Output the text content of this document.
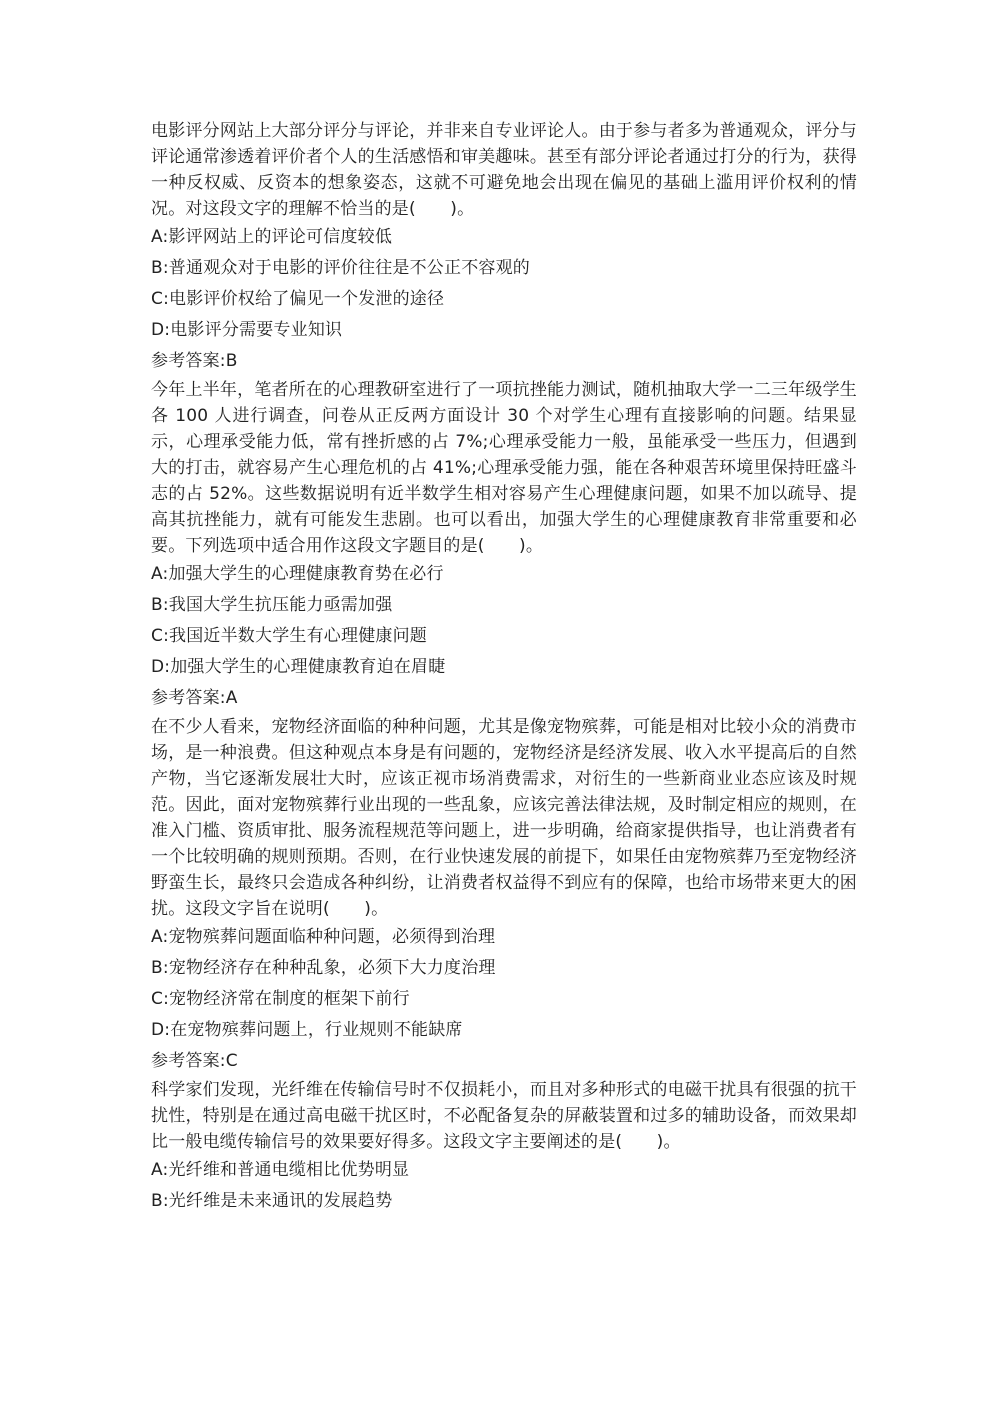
电影评分网站上大部分评分与评论，并非来自专业评论人。由于参与者多为普通观众，评分与评论通常渗透着评价者个人的生活感悟和审美趣味。甚至有部分评论者通过打分的行为，获得一种反权威、反资本的想象姿态，这就不可避免地会出现在偏见的基础上滥用评价权利的情况。对这段文字的理解不恰当的是(　　)。

A:影评网站上的评论可信度较低

B:普通观众对于电影的评价往往是不公正不容观的

C:电影评价权给了偏见一个发泄的途径

D:电影评分需要专业知识

参考答案:B

今年上半年，笔者所在的心理教研室进行了一项抗挫能力测试，随机抽取大学一二三年级学生各 100 人进行调查，问卷从正反两方面设计 30 个对学生心理有直接影响的问题。结果显示，心理承受能力低，常有挫折感的占 7%;心理承受能力一般，虽能承受一些压力，但遇到大的打击，就容易产生心理危机的占 41%;心理承受能力强，能在各种艰苦环境里保持旺盛斗志的占 52%。这些数据说明有近半数学生相对容易产生心理健康问题，如果不加以疏导、提高其抗挫能力，就有可能发生悲剧。也可以看出，加强大学生的心理健康教育非常重要和必要。下列选项中适合用作这段文字题目的是(　　)。

A:加强大学生的心理健康教育势在必行

B:我国大学生抗压能力亟需加强

C:我国近半数大学生有心理健康问题

D:加强大学生的心理健康教育迫在眉睫

参考答案:A

在不少人看来，宠物经济面临的种种问题，尤其是像宠物殡葬，可能是相对比较小众的消费市场，是一种浪费。但这种观点本身是有问题的，宠物经济是经济发展、收入水平提高后的自然产物，当它逐渐发展壮大时，应该正视市场消费需求，对衍生的一些新商业业态应该及时规范。因此，面对宠物殡葬行业出现的一些乱象，应该完善法律法规，及时制定相应的规则，在准入门槛、资质审批、服务流程规范等问题上，进一步明确，给商家提供指导，也让消费者有一个比较明确的规则预期。否则，在行业快速发展的前提下，如果任由宠物殡葬乃至宠物经济野蛮生长，最终只会造成各种纠纷，让消费者权益得不到应有的保障，也给市场带来更大的困扰。这段文字旨在说明(　　)。

A:宠物殡葬问题面临种种问题，必须得到治理

B:宠物经济存在种种乱象，必须下大力度治理

C:宠物经济常在制度的框架下前行

D:在宠物殡葬问题上，行业规则不能缺席

参考答案:C

科学家们发现，光纤维在传输信号时不仅损耗小，而且对多种形式的电磁干扰具有很强的抗干扰性，特别是在通过高电磁干扰区时，不必配备复杂的屏蔽装置和过多的辅助设备，而效果却比一般电缆传输信号的效果要好得多。这段文字主要阐述的是(　　)。

A:光纤维和普通电缆相比优势明显

B:光纤维是未来通讯的发展趋势
